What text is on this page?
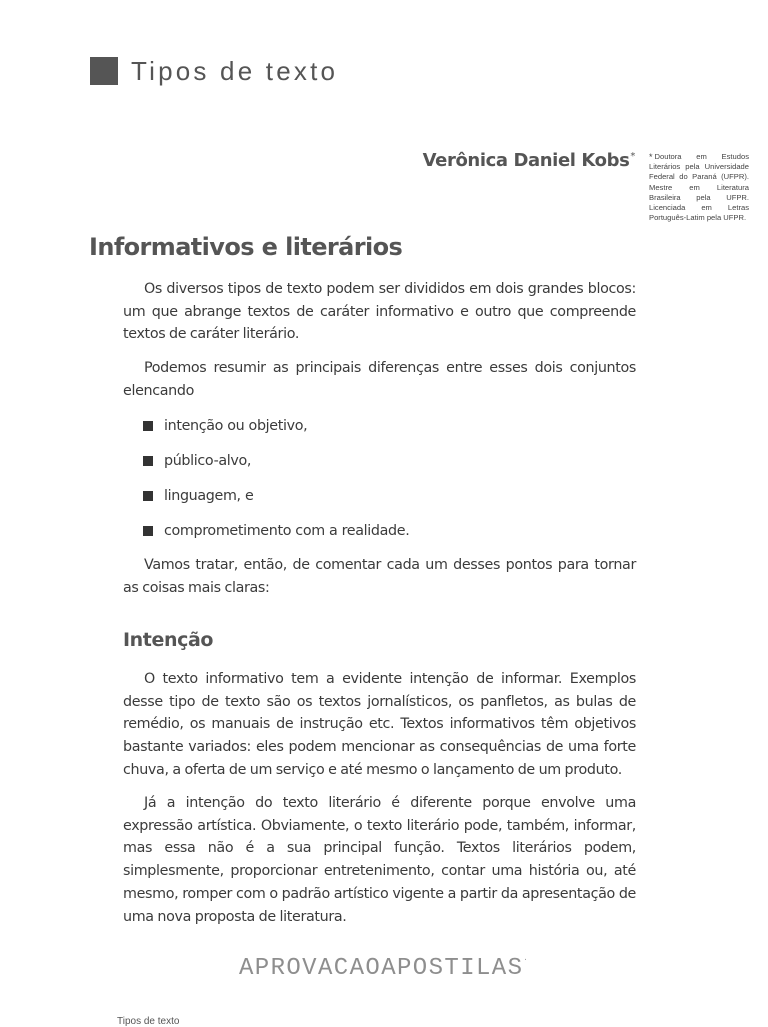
Tipos de texto
Verônica Daniel Kobs* * Doutora em Estudos Literários pela Universidade Federal do Paraná (UFPR). Mestre em Literatura Brasileira pela UFPR. Licenciada em Letras Português-Latim pela UFPR.
Informativos e literários

Os diversos tipos de texto podem ser divididos em dois grandes blocos: um que abrange textos de caráter informativo e outro que compreende textos de caráter literário.

Podemos resumir as principais diferenças entre esses dois conjuntos elencando

intenção ou objetivo,
público-alvo,
linguagem, e
comprometimento com a realidade.

Vamos tratar, então, de comentar cada um desses pontos para tornar as coisas mais claras:

Intenção

O texto informativo tem a evidente intenção de informar. Exemplos desse tipo de texto são os textos jornalísticos, os panfletos, as bulas de remédio, os manuais de instrução etc. Textos informativos têm objetivos bastante variados: eles podem mencionar as consequências de uma forte chuva, a oferta de um serviço e até mesmo o lançamento de um produto.

Já a intenção do texto literário é diferente porque envolve uma expressão artística. Obviamente, o texto literário pode, também, informar, mas essa não é a sua principal função. Textos literários podem, simplesmente, proporcionar entretenimento, contar uma história ou, até mesmo, romper com o padrão artístico vigente a partir da apresentação de uma nova proposta de literatura.

APROVACAOAPOSTILAS.
Tipos de texto
